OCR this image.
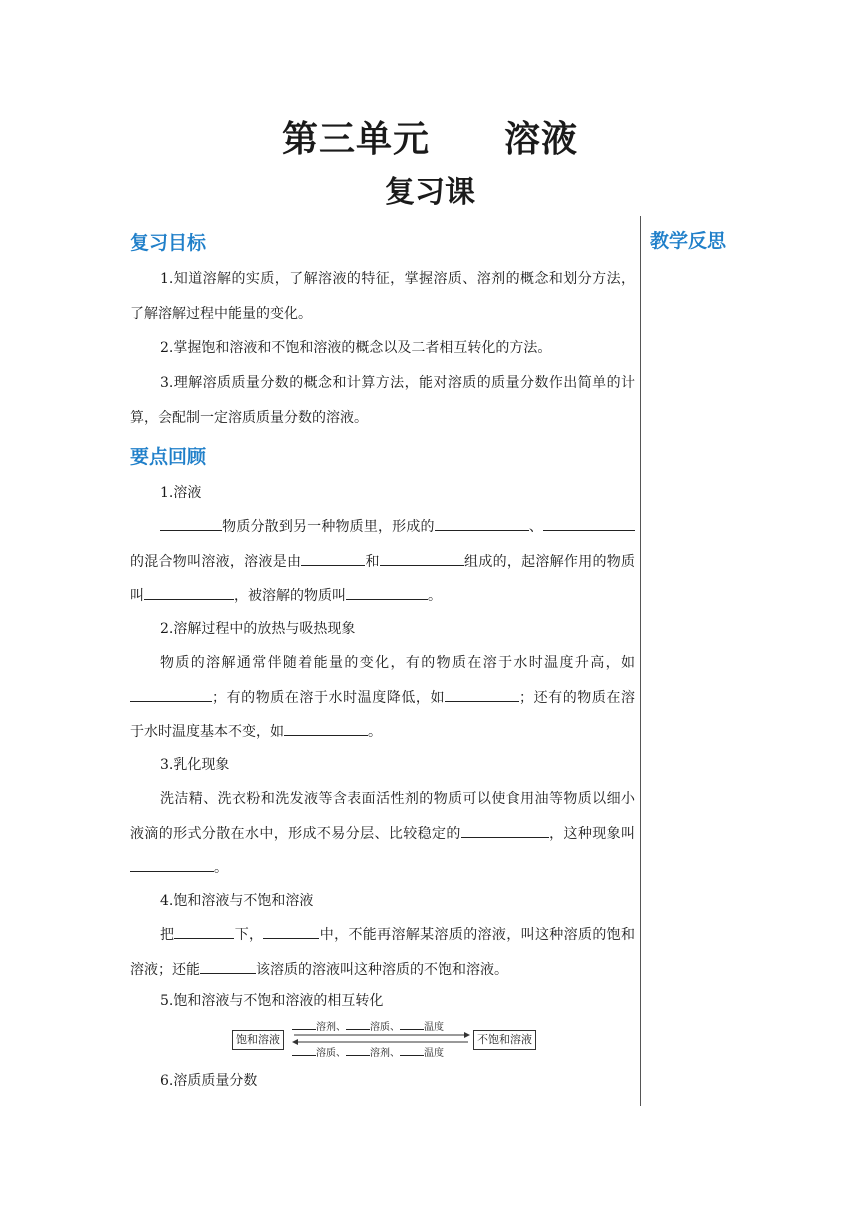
第三单元　　溶液
复习课
教学反思
复习目标

1.知道溶解的实质，了解溶液的特征，掌握溶质、溶剂的概念和划分方法，了解溶解过程中能量的变化。

2.掌握饱和溶液和不饱和溶液的概念以及二者相互转化的方法。

3.理解溶质质量分数的概念和计算方法，能对溶质的质量分数作出简单的计算，会配制一定溶质质量分数的溶液。

要点回顾

1.溶液

物质分散到另一种物质里，形成的	、的混合物叫溶液，溶液是由	和	组成的，起溶解作用的物质叫	，被溶解的物质叫	。

2.溶解过程中的放热与吸热现象

物质的溶解通常伴随着能量的变化，有的物质在溶于水时温度升高，如；有的物质在溶于水时温度降低，如	；还有的物质在溶于水时温度基本不变，如	。

3.乳化现象

洗洁精、洗衣粉和洗发液等含表面活性剂的物质可以使食用油等物质以细小液滴的形式分散在水中，形成不易分层、比较稳定的	，这种现象叫。

4.饱和溶液与不饱和溶液

把	下，	中，不能再溶解某溶质的溶液，叫这种溶质的饱和溶液；还能	该溶质的溶液叫这种溶质的不饱和溶液。

5.饱和溶液与不饱和溶液的相互转化

饱和溶液	不饱和溶液
溶剂、 溶质、 温度
溶质、 溶剂、 温度

6.溶质质量分数
